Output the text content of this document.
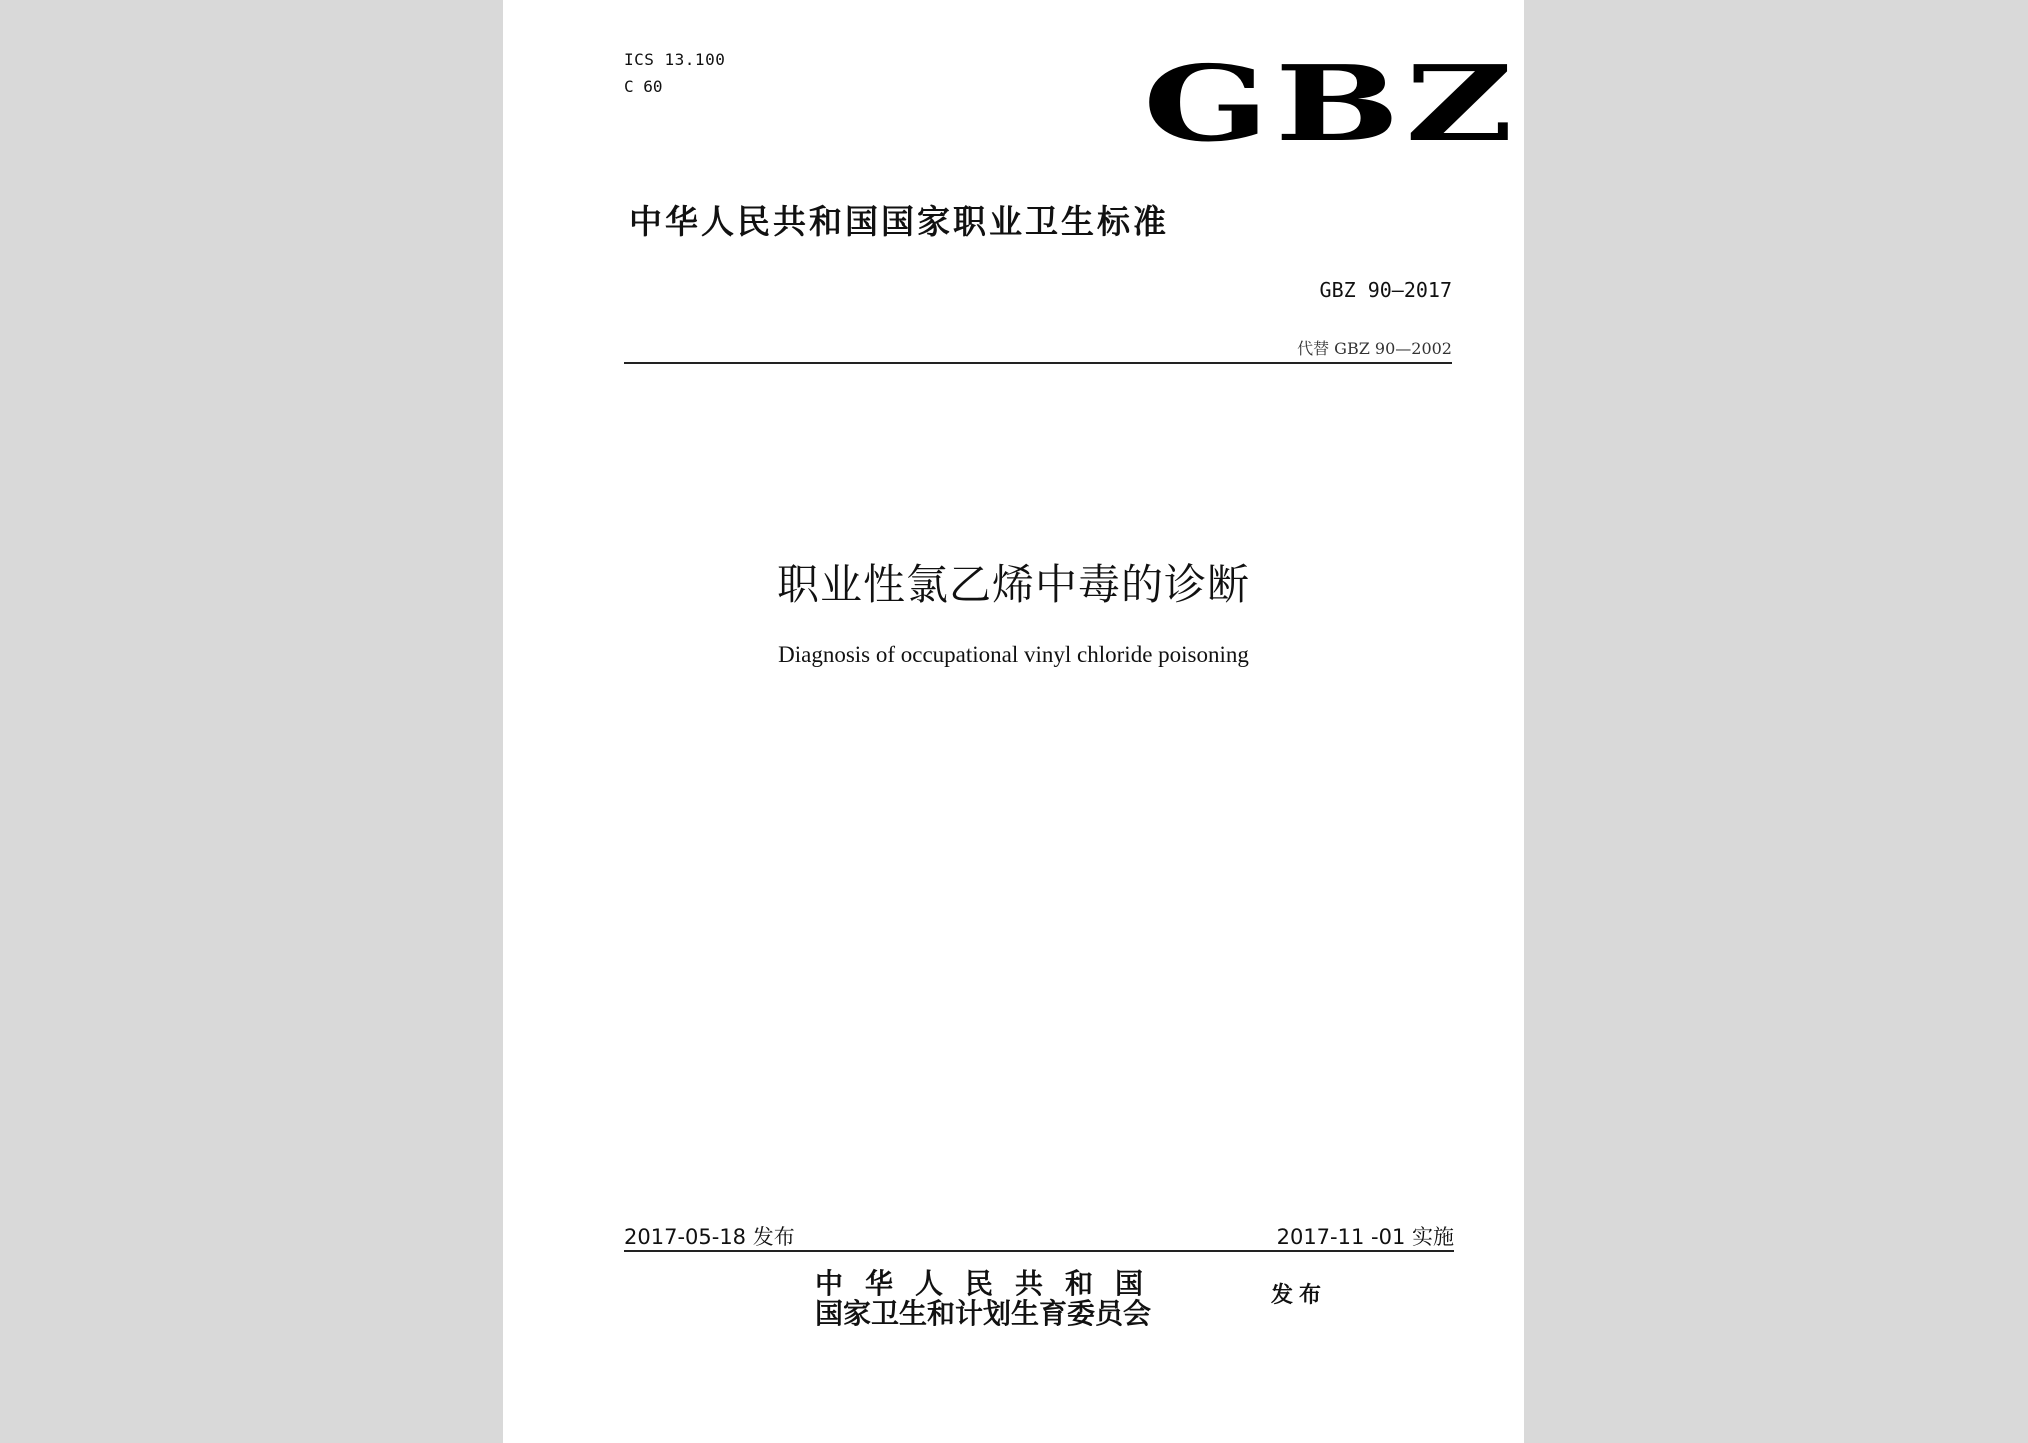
ICS 13.100
C 60	GBZ
中华人民共和国国家职业卫生标准
GBZ 90—2017
代替 GBZ 90—2002
职业性氯乙烯中毒的诊断
Diagnosis of occupational vinyl chloride poisoning
2017-05-18 发布	2017-11 -01 实施
中华人民共和国
国家卫生和计划生育委员会
发布
